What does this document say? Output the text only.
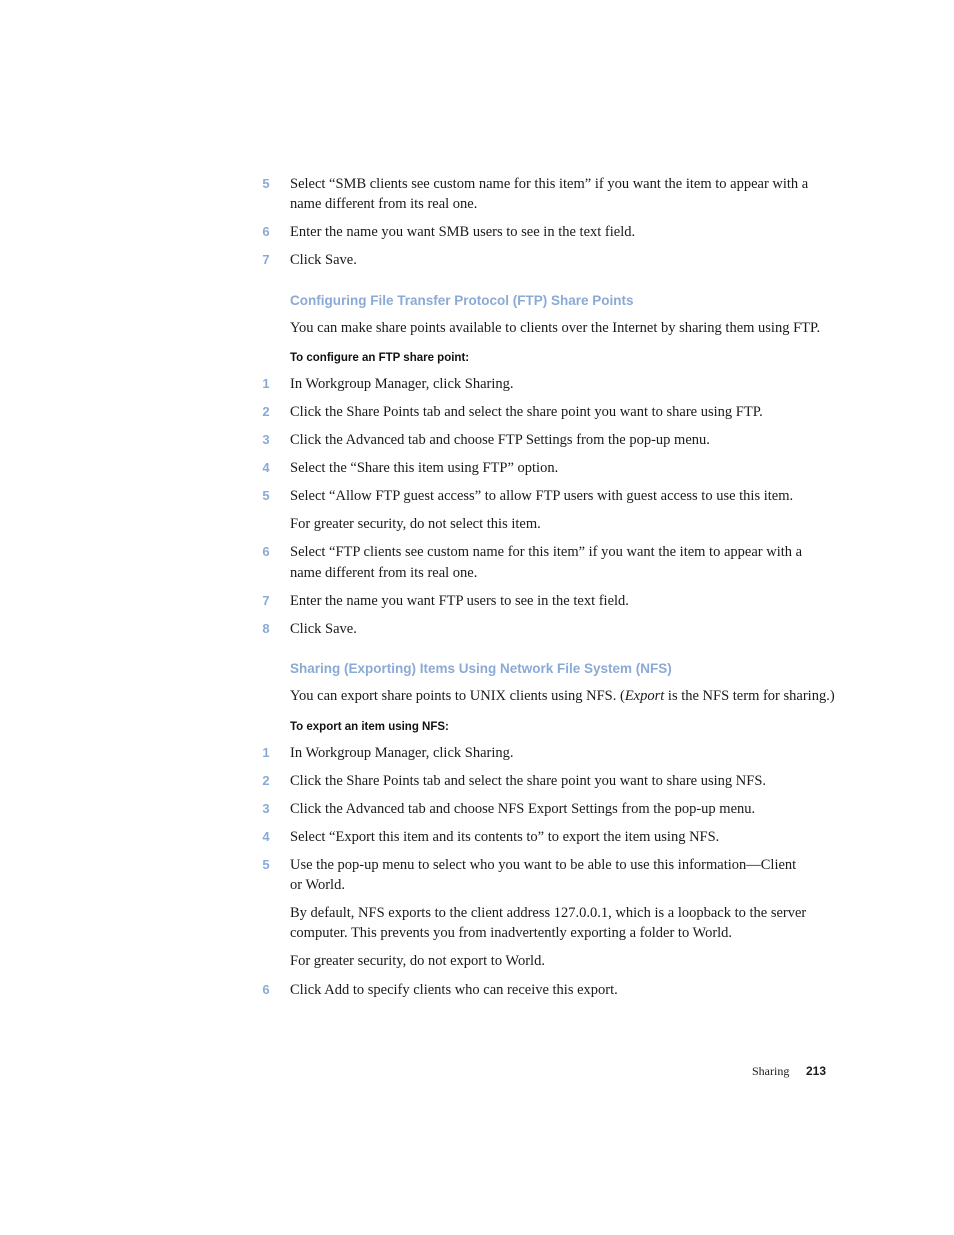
5	Select “SMB clients see custom name for this item” if you want the item to appear with a
name different from its real one.
6	Enter the name you want SMB users to see in the text field.
7	Click Save.
Configuring File Transfer Protocol (FTP) Share Points
You can make share points available to clients over the Internet by sharing them using FTP.
To configure an FTP share point:
1	In Workgroup Manager, click Sharing.
2	Click the Share Points tab and select the share point you want to share using FTP.
3	Click the Advanced tab and choose FTP Settings from the pop-up menu.
4	Select the “Share this item using FTP” option.
5	Select “Allow FTP guest access” to allow FTP users with guest access to use this item.
For greater security, do not select this item.
6	Select “FTP clients see custom name for this item” if you want the item to appear with a
name different from its real one.
7	Enter the name you want FTP users to see in the text field.
8	Click Save.
Sharing (Exporting) Items Using Network File System (NFS)
You can export share points to UNIX clients using NFS. (Export is the NFS term for sharing.)
To export an item using NFS:
1	In Workgroup Manager, click Sharing.
2	Click the Share Points tab and select the share point you want to share using NFS.
3	Click the Advanced tab and choose NFS Export Settings from the pop-up menu.
4	Select “Export this item and its contents to” to export the item using NFS.
5	Use the pop-up menu to select who you want to be able to use this information—Client
or World.
By default, NFS exports to the client address 127.0.0.1, which is a loopback to the server
computer. This prevents you from inadvertently exporting a folder to World.
For greater security, do not export to World.
6	Click Add to specify clients who can receive this export.
Sharing 213
